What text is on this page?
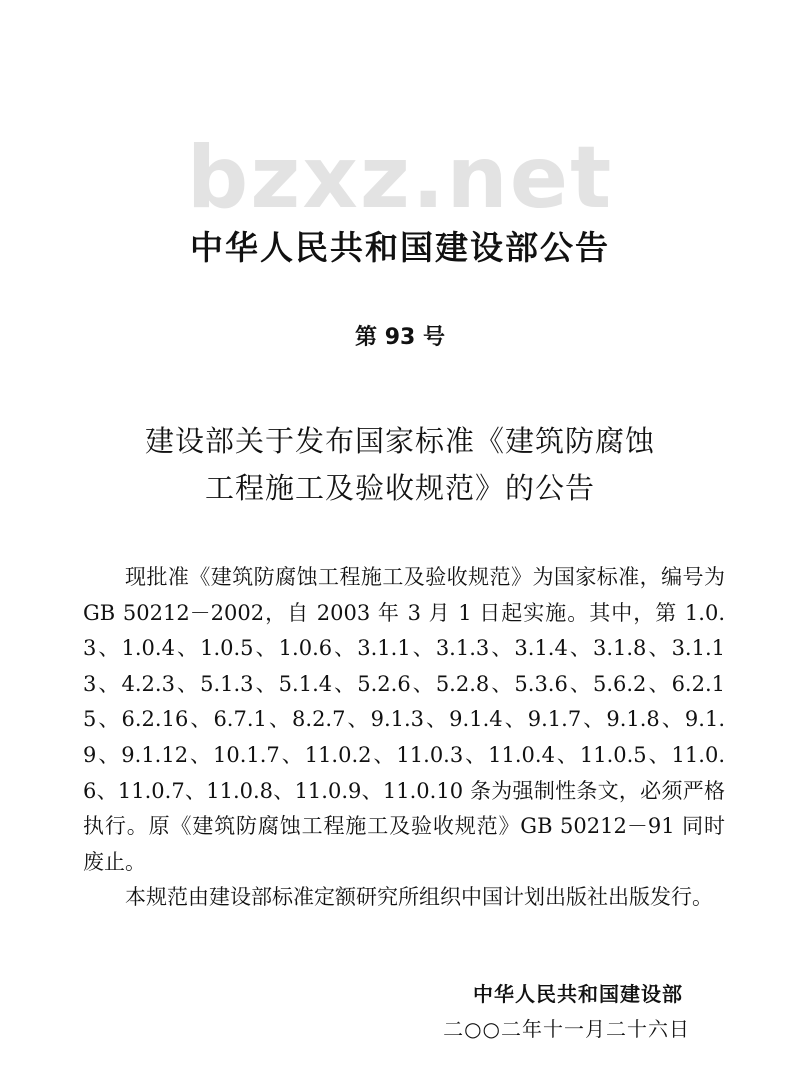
bzxz.net
中华人民共和国建设部公告
第 93 号
建设部关于发布国家标准《建筑防腐蚀
工程施工及验收规范》的公告

现批准《建筑防腐蚀工程施工及验收规范》为国家标准，编号为 GB 50212－2002，自 2003 年 3 月 1 日起实施。其中，第 1.0.3、1.0.4、1.0.5、1.0.6、3.1.1、3.1.3、3.1.4、3.1.8、3.1.13、4.2.3、5.1.3、5.1.4、5.2.6、5.2.8、5.3.6、5.6.2、6.2.15、6.2.16、6.7.1、8.2.7、9.1.3、9.1.4、9.1.7、9.1.8、9.1.9、9.1.12、10.1.7、11.0.2、11.0.3、11.0.4、11.0.5、11.0.6、11.0.7、11.0.8、11.0.9、11.0.10 条为强制性条文，必须严格执行。原《建筑防腐蚀工程施工及验收规范》GB 50212－91 同时废止。

本规范由建设部标准定额研究所组织中国计划出版社出版发行。

中华人民共和国建设部
二○○二年十一月二十六日
